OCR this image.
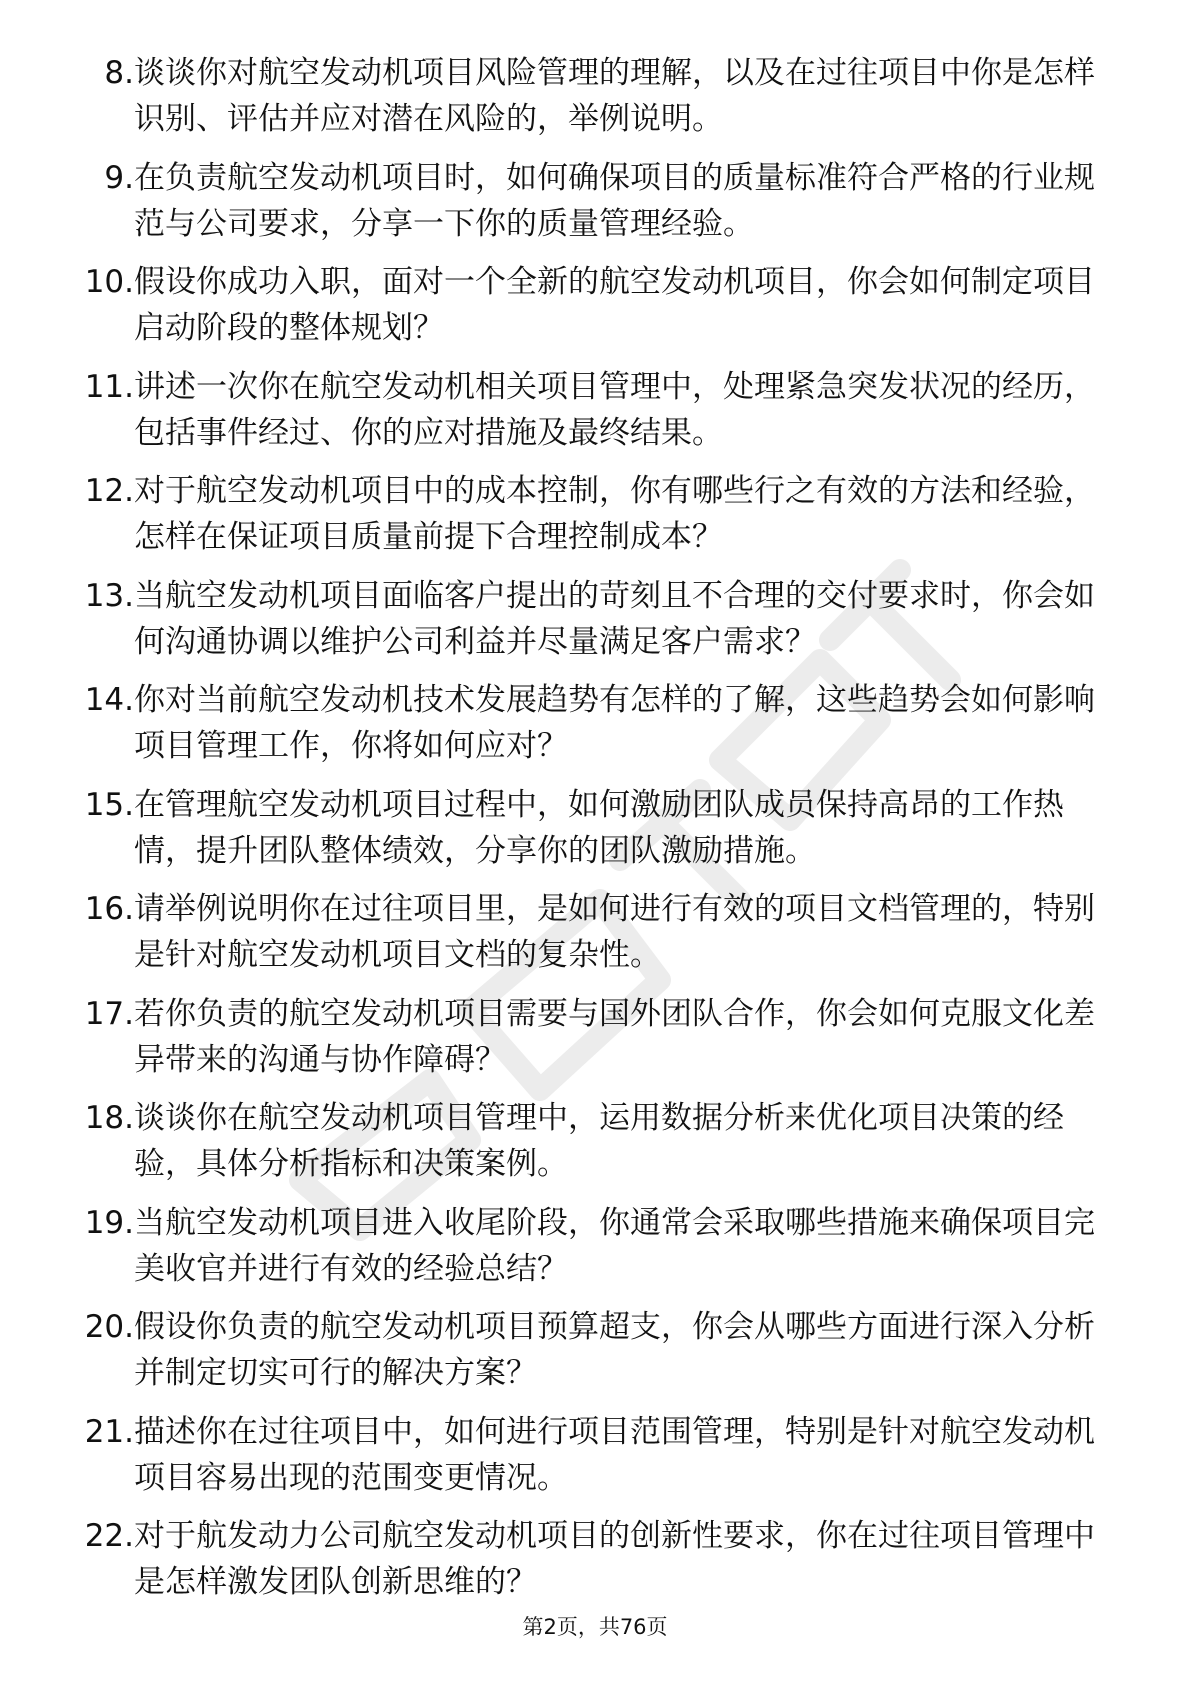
8. 谈谈你对航空发动机项目风险管理的理解，以及在过往项目中你是怎样识别、评估并应对潜在风险的，举例说明。
9. 在负责航空发动机项目时，如何确保项目的质量标准符合严格的行业规范与公司要求，分享一下你的质量管理经验。
10. 假设你成功入职，面对一个全新的航空发动机项目，你会如何制定项目启动阶段的整体规划？
11. 讲述一次你在航空发动机相关项目管理中，处理紧急突发状况的经历，包括事件经过、你的应对措施及最终结果。
12. 对于航空发动机项目中的成本控制，你有哪些行之有效的方法和经验，怎样在保证项目质量前提下合理控制成本？
13. 当航空发动机项目面临客户提出的苛刻且不合理的交付要求时，你会如何沟通协调以维护公司利益并尽量满足客户需求？
14. 你对当前航空发动机技术发展趋势有怎样的了解，这些趋势会如何影响项目管理工作，你将如何应对？
15. 在管理航空发动机项目过程中，如何激励团队成员保持高昂的工作热情，提升团队整体绩效，分享你的团队激励措施。
16. 请举例说明你在过往项目里，是如何进行有效的项目文档管理的，特别是针对航空发动机项目文档的复杂性。
17. 若你负责的航空发动机项目需要与国外团队合作，你会如何克服文化差异带来的沟通与协作障碍？
18. 谈谈你在航空发动机项目管理中，运用数据分析来优化项目决策的经验，具体分析指标和决策案例。
19. 当航空发动机项目进入收尾阶段，你通常会采取哪些措施来确保项目完美收官并进行有效的经验总结？
20. 假设你负责的航空发动机项目预算超支，你会从哪些方面进行深入分析并制定切实可行的解决方案？
21. 描述你在过往项目中，如何进行项目范围管理，特别是针对航空发动机项目容易出现的范围变更情况。
22. 对于航发动力公司航空发动机项目的创新性要求，你在过往项目管理中是怎样激发团队创新思维的？
第2页，共76页
